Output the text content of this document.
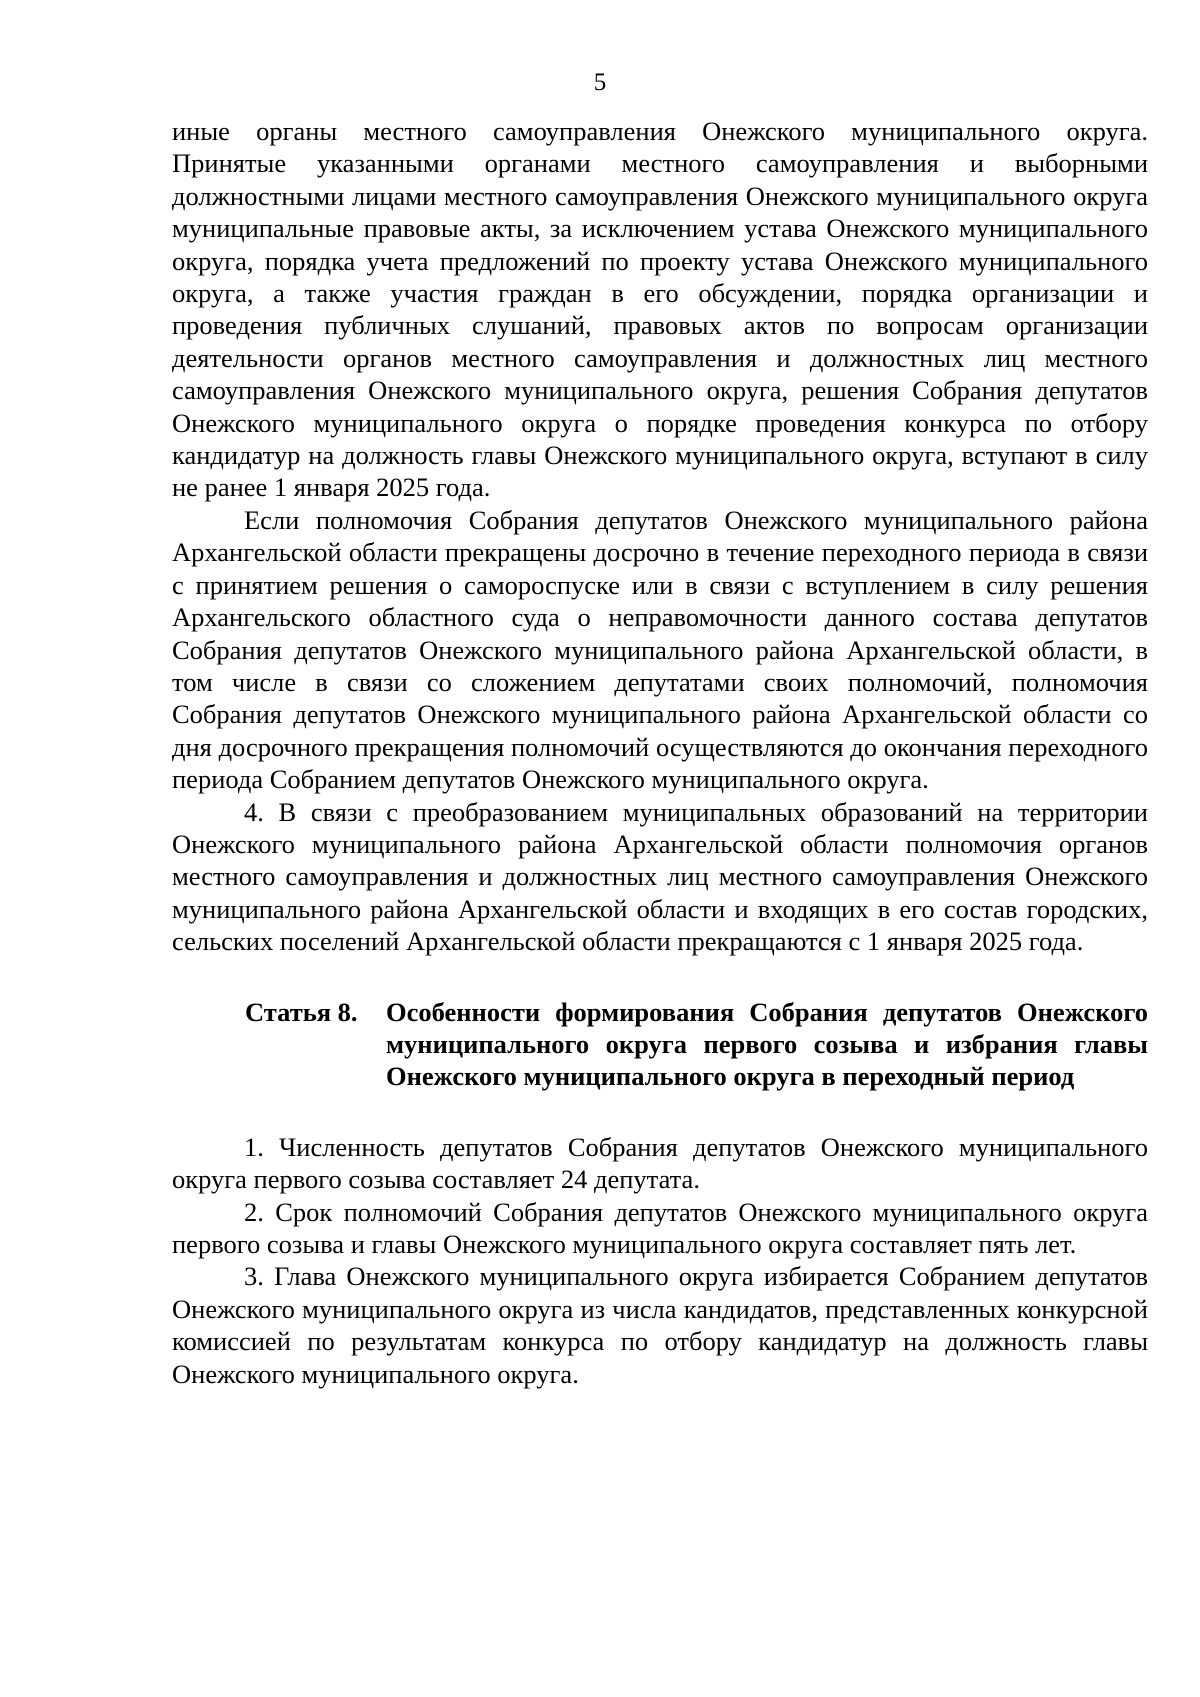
5

иные органы местного самоуправления Онежского муниципального округа. Принятые указанными органами местного самоуправления и выборными должностными лицами местного самоуправления Онежского муниципального округа муниципальные правовые акты, за исключением устава Онежского муниципального округа, порядка учета предложений по проекту устава Онежского муниципального округа, а также участия граждан в его обсуждении, порядка организации и проведения публичных слушаний, правовых актов по вопросам организации деятельности органов местного самоуправления и должностных лиц местного самоуправления Онежского муниципального округа, решения Собрания депутатов Онежского муниципального округа о порядке проведения конкурса по отбору кандидатур на должность главы Онежского муниципального округа, вступают в силу не ранее 1 января 2025 года.

Если полномочия Собрания депутатов Онежского муниципального района Архангельской области прекращены досрочно в течение переходного периода в связи с принятием решения о самороспуске или в связи с вступлением в силу решения Архангельского областного суда о неправомочности данного состава депутатов Собрания депутатов Онежского муниципального района Архангельской области, в том числе в связи со сложением депутатами своих полномочий, полномочия Собрания депутатов Онежского муниципального района Архангельской области со дня досрочного прекращения полномочий осуществляются до окончания переходного периода Собранием депутатов Онежского муниципального округа.

4. В связи с преобразованием муниципальных образований на территории Онежского муниципального района Архангельской области полномочия органов местного самоуправления и должностных лиц местного самоуправления Онежского муниципального района Архангельской области и входящих в его состав городских, сельских поселений Архангельской области прекращаются с 1 января 2025 года.

Статья 8.	Особенности формирования Собрания депутатов Онежского муниципального округа первого созыва и избрания главы Онежского муниципального округа в переходный период

1. Численность депутатов Собрания депутатов Онежского муниципального округа первого созыва составляет 24 депутата.

2. Срок полномочий Собрания депутатов Онежского муниципального округа первого созыва и главы Онежского муниципального округа составляет пять лет.

3. Глава Онежского муниципального округа избирается Собранием депутатов Онежского муниципального округа из числа кандидатов, представленных конкурсной комиссией по результатам конкурса по отбору кандидатур на должность главы Онежского муниципального округа.
